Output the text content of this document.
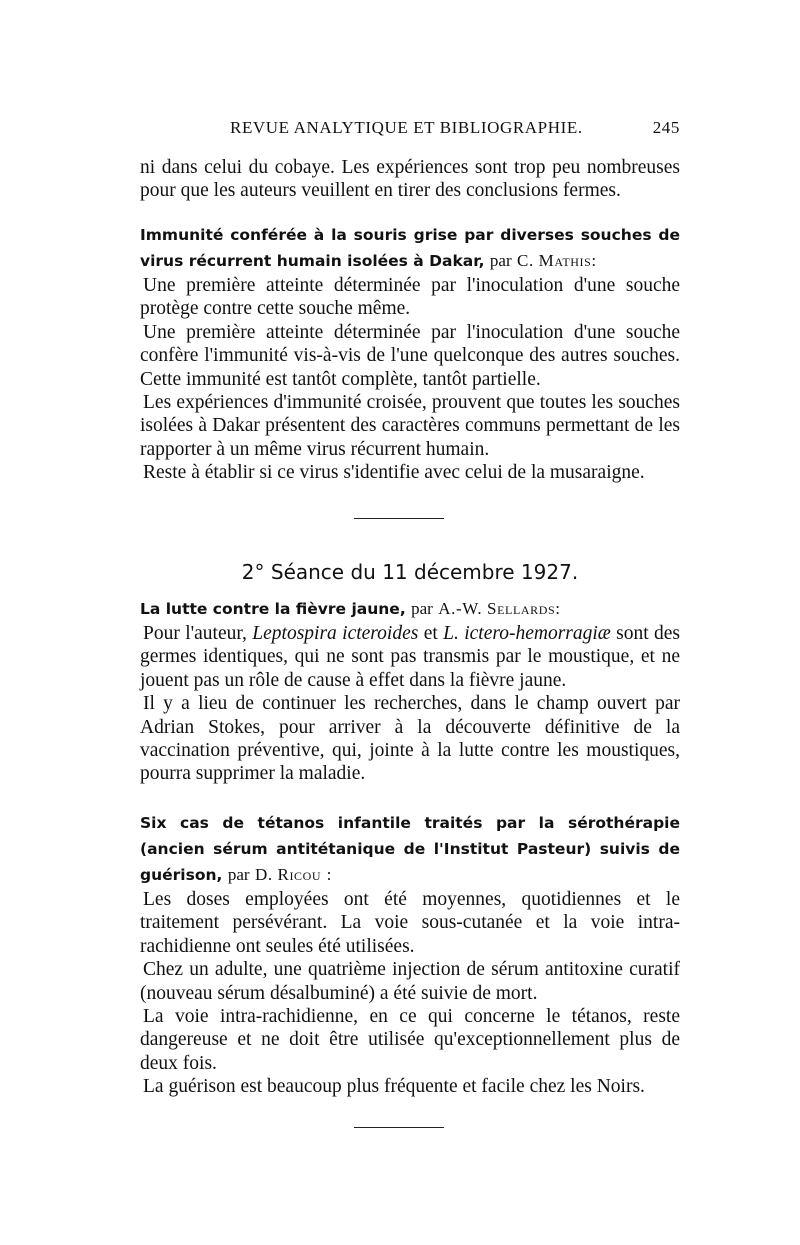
REVUE ANALYTIQUE ET BIBLIOGRAPHIE.	245

ni dans celui du cobaye. Les expériences sont trop peu nombreuses

pour que les auteurs veuillent en tirer des conclusions fermes.

Immunité conférée à la souris grise par diverses souches de virus récurrent humain isolées à Dakar, par C. Mathis:

Une première atteinte déterminée par l'inoculation d'une souche protège contre cette souche même.

Une première atteinte déterminée par l'inoculation d'une souche confère l'immunité vis-à-vis de l'une quelconque des autres souches. Cette immunité est tantôt complète, tantôt partielle.

Les expériences d'immunité croisée, prouvent que toutes les souches isolées à Dakar présentent des caractères communs permettant de les rapporter à un même virus récurrent humain.

Reste à établir si ce virus s'identifie avec celui de la musaraigne.

2° Séance du 11 décembre 1927.

La lutte contre la fièvre jaune, par A.-W. Sellards:

Pour l'auteur, Leptospira icteroides et L. ictero-hemorragiæ sont des germes identiques, qui ne sont pas transmis par le moustique, et ne jouent pas un rôle de cause à effet dans la fièvre jaune.

Il y a lieu de continuer les recherches, dans le champ ouvert par Adrian Stokes, pour arriver à la découverte définitive de la vaccination préventive, qui, jointe à la lutte contre les moustiques, pourra supprimer la maladie.

Six cas de tétanos infantile traités par la sérothérapie (ancien sérum antitétanique de l'Institut Pasteur) suivis de guérison, par D. Ricou :

Les doses employées ont été moyennes, quotidiennes et le traitement persévérant. La voie sous-cutanée et la voie intra-rachidienne ont seules été utilisées.

Chez un adulte, une quatrième injection de sérum antitoxine curatif (nouveau sérum désalbuminé) a été suivie de mort.

La voie intra-rachidienne, en ce qui concerne le tétanos, reste dangereuse et ne doit être utilisée qu'exceptionnellement plus de deux fois.

La guérison est beaucoup plus fréquente et facile chez les Noirs.
